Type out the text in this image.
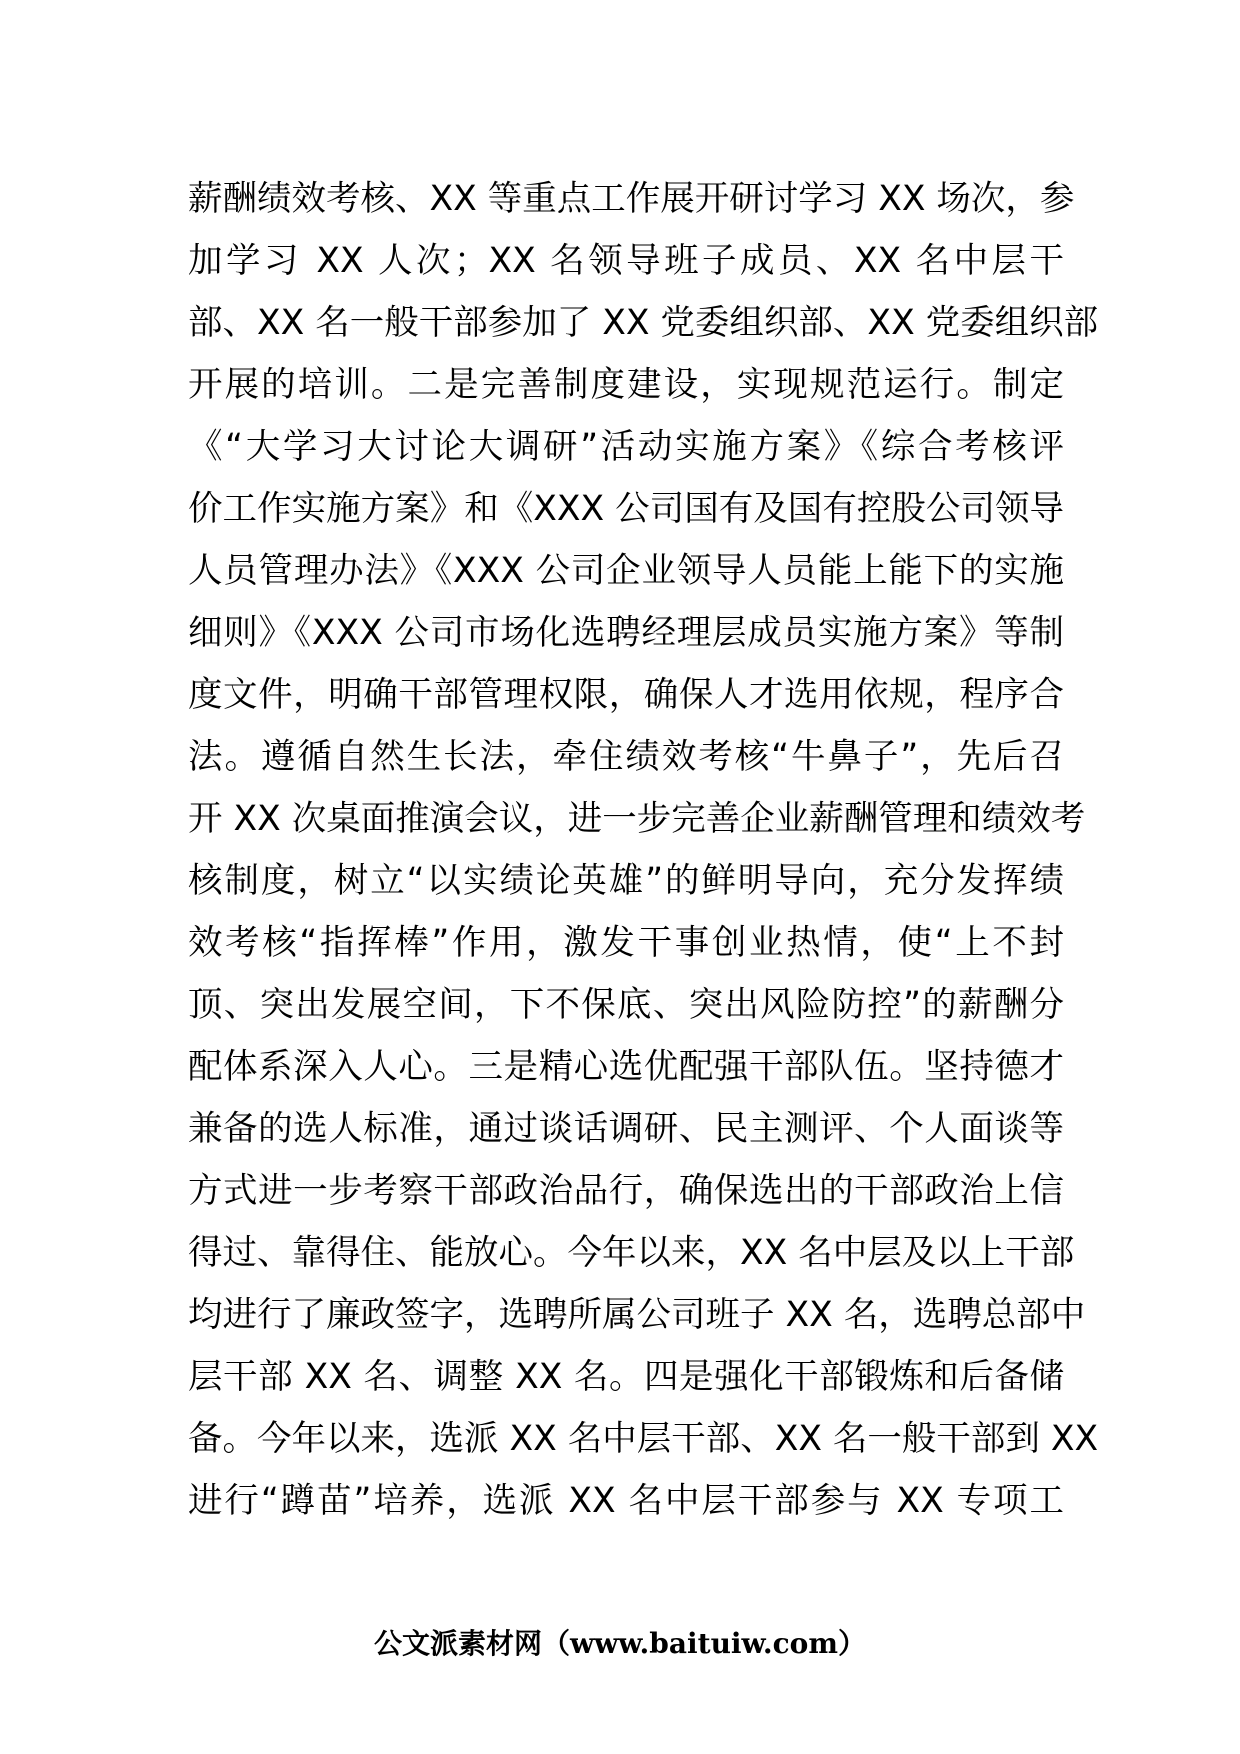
薪酬绩效考核、XX 等重点工作展开研讨学习 XX 场次，参
加学习 XX 人次；XX 名领导班子成员、XX 名中层干
部、XX 名一般干部参加了 XX 党委组织部、XX 党委组织部
开展的培训。二是完善制度建设，实现规范运行。制定
《“大学习大讨论大调研”活动实施方案》《综合考核评
价工作实施方案》和《XXX 公司国有及国有控股公司领导
人员管理办法》《XXX 公司企业领导人员能上能下的实施
细则》《XXX 公司市场化选聘经理层成员实施方案》等制
度文件，明确干部管理权限，确保人才选用依规，程序合
法。遵循自然生长法，牵住绩效考核“牛鼻子”，先后召
开 XX 次桌面推演会议，进一步完善企业薪酬管理和绩效考
核制度，树立“以实绩论英雄”的鲜明导向，充分发挥绩
效考核“指挥棒”作用，激发干事创业热情，使“上不封
顶、突出发展空间，下不保底、突出风险防控”的薪酬分
配体系深入人心。三是精心选优配强干部队伍。坚持德才
兼备的选人标准，通过谈话调研、民主测评、个人面谈等
方式进一步考察干部政治品行，确保选出的干部政治上信
得过、靠得住、能放心。今年以来，XX 名中层及以上干部
均进行了廉政签字，选聘所属公司班子 XX 名，选聘总部中
层干部 XX 名、调整 XX 名。四是强化干部锻炼和后备储
备。今年以来，选派 XX 名中层干部、XX 名一般干部到 XX
进行“蹲苗”培养，选派 XX 名中层干部参与 XX 专项工
公文派素材网（www.baituiw.com）
